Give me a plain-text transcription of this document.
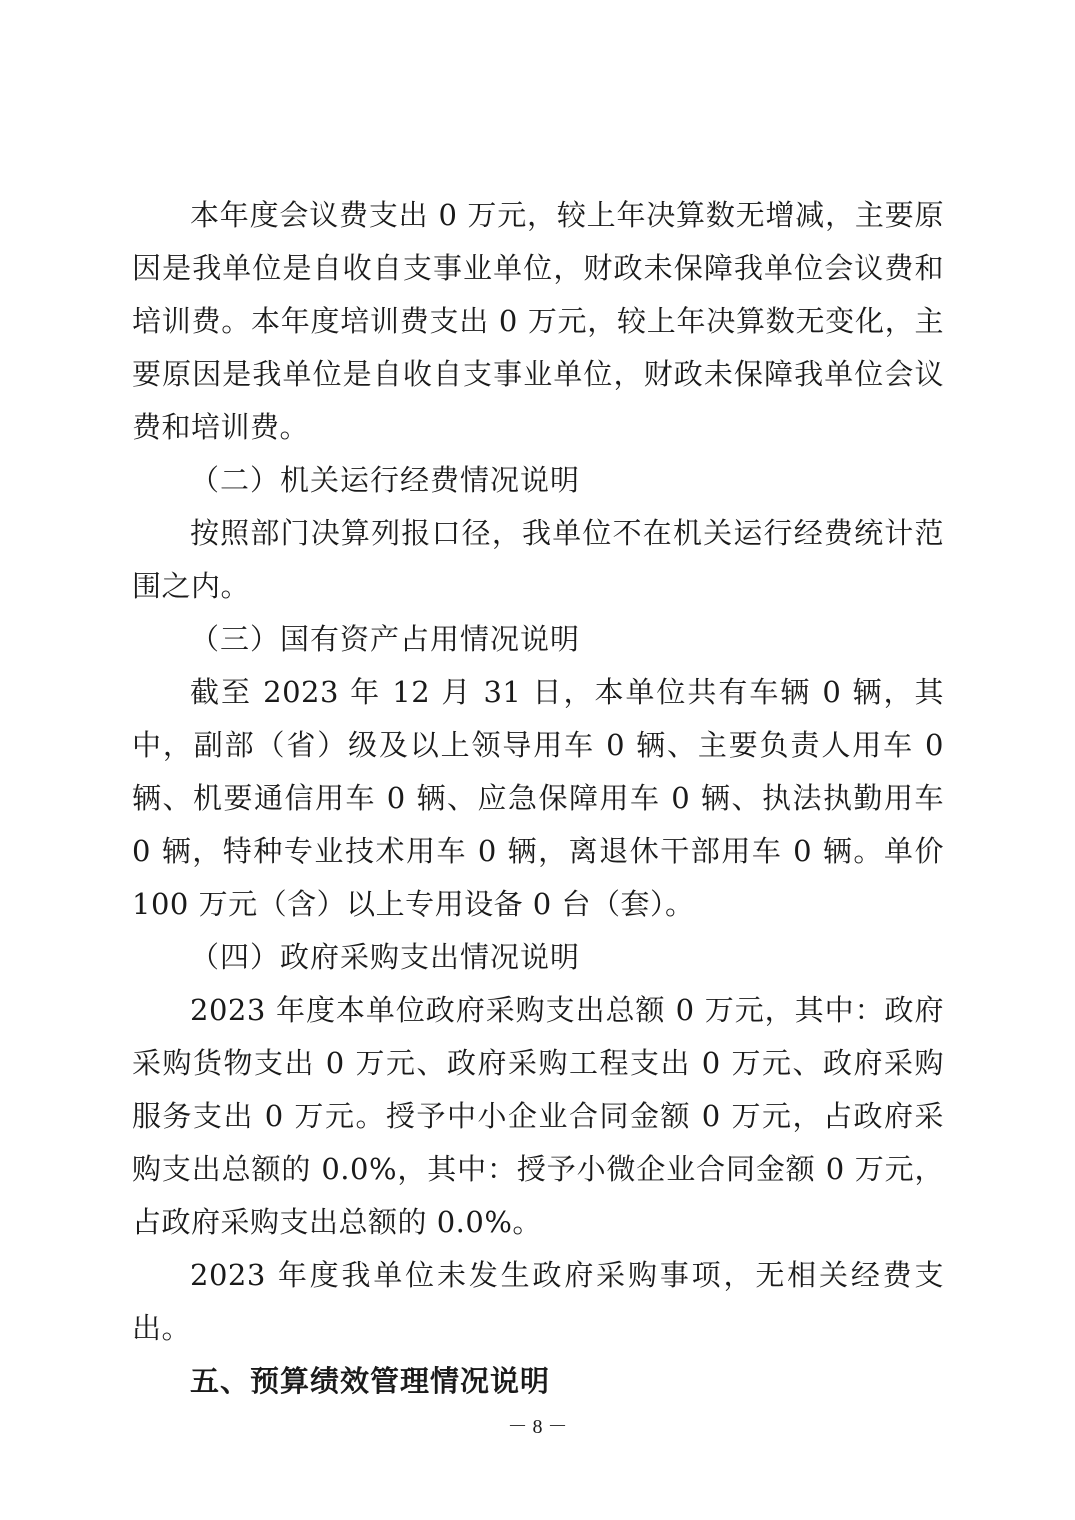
本年度会议费支出 0 万元，较上年决算数无增减，主要原因是我单位是自收自支事业单位，财政未保障我单位会议费和培训费。本年度培训费支出 0 万元，较上年决算数无变化，主要原因是我单位是自收自支事业单位，财政未保障我单位会议费和培训费。

（二）机关运行经费情况说明

按照部门决算列报口径，我单位不在机关运行经费统计范围之内。

（三）国有资产占用情况说明

截至 2023 年 12 月 31 日，本单位共有车辆 0 辆，其中，副部（省）级及以上领导用车 0 辆、主要负责人用车 0 辆、机要通信用车 0 辆、应急保障用车 0 辆、执法执勤用车 0 辆，特种专业技术用车 0 辆，离退休干部用车 0 辆。单价 100 万元（含）以上专用设备 0 台（套）。

（四）政府采购支出情况说明

2023 年度本单位政府采购支出总额 0 万元，其中：政府采购货物支出 0 万元、政府采购工程支出 0 万元、政府采购服务支出 0 万元。授予中小企业合同金额 0 万元，占政府采购支出总额的 0.0%，其中：授予小微企业合同金额 0 万元，占政府采购支出总额的 0.0%。

2023 年度我单位未发生政府采购事项，无相关经费支出。

五、预算绩效管理情况说明

－ 8 －
